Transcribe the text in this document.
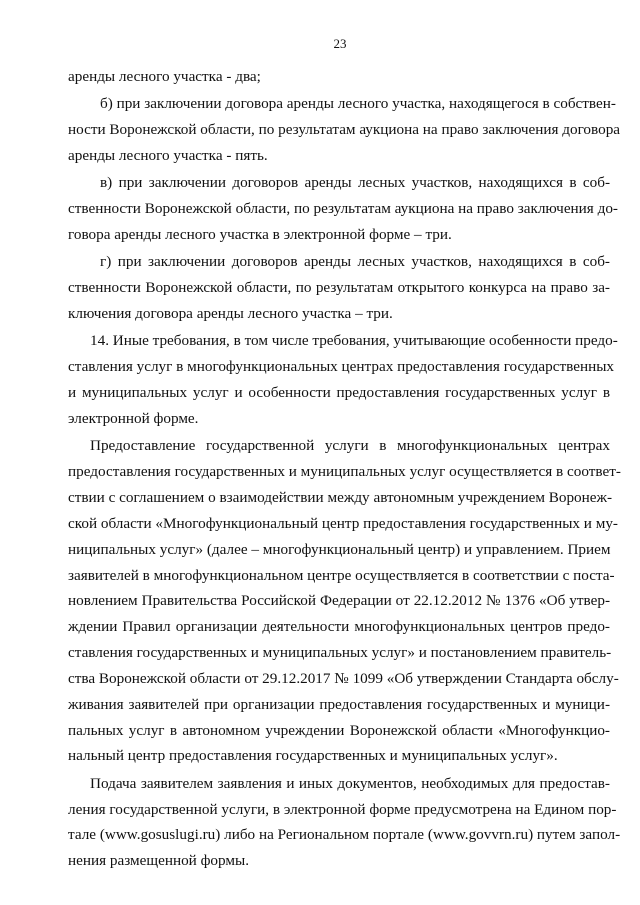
23
аренды лесного участка - два;
б) при заключении договора аренды лесного участка, находящегося в собствен-
ности Воронежской области, по результатам аукциона на право заключения договора
аренды лесного участка - пять.
в) при заключении договоров аренды лесных участков, находящихся в соб-
ственности Воронежской области, по результатам аукциона на право заключения до-
говора аренды лесного участка в электронной форме – три.
г) при заключении договоров аренды лесных участков, находящихся в соб-
ственности Воронежской области, по результатам открытого конкурса на право за-
ключения договора аренды лесного участка – три.
14. Иные требования, в том числе требования, учитывающие особенности предо-
ставления услуг в многофункциональных центрах предоставления государственных
и муниципальных услуг и особенности предоставления государственных услуг в
электронной форме.
Предоставление государственной услуги в многофункциональных центрах
предоставления государственных и муниципальных услуг осуществляется в соответ-
ствии с соглашением о взаимодействии между автономным учреждением Воронеж-
ской области «Многофункциональный центр предоставления государственных и му-
ниципальных услуг» (далее – многофункциональный центр) и управлением. Прием
заявителей в многофункциональном центре осуществляется в соответствии с поста-
новлением Правительства Российской Федерации от 22.12.2012 № 1376 «Об утвер-
ждении Правил организации деятельности многофункциональных центров предо-
ставления государственных и муниципальных услуг» и постановлением правитель-
ства Воронежской области от 29.12.2017 № 1099 «Об утверждении Стандарта обслу-
живания заявителей при организации предоставления государственных и муници-
пальных услуг в автономном учреждении Воронежской области «Многофункцио-
нальный центр предоставления государственных и муниципальных услуг».
Подача заявителем заявления и иных документов, необходимых для предостав-
ления государственной услуги, в электронной форме предусмотрена на Едином пор-
тале (www.gosuslugi.ru) либо на Региональном портале (www.govvrn.ru) путем запол-
нения размещенной формы.
